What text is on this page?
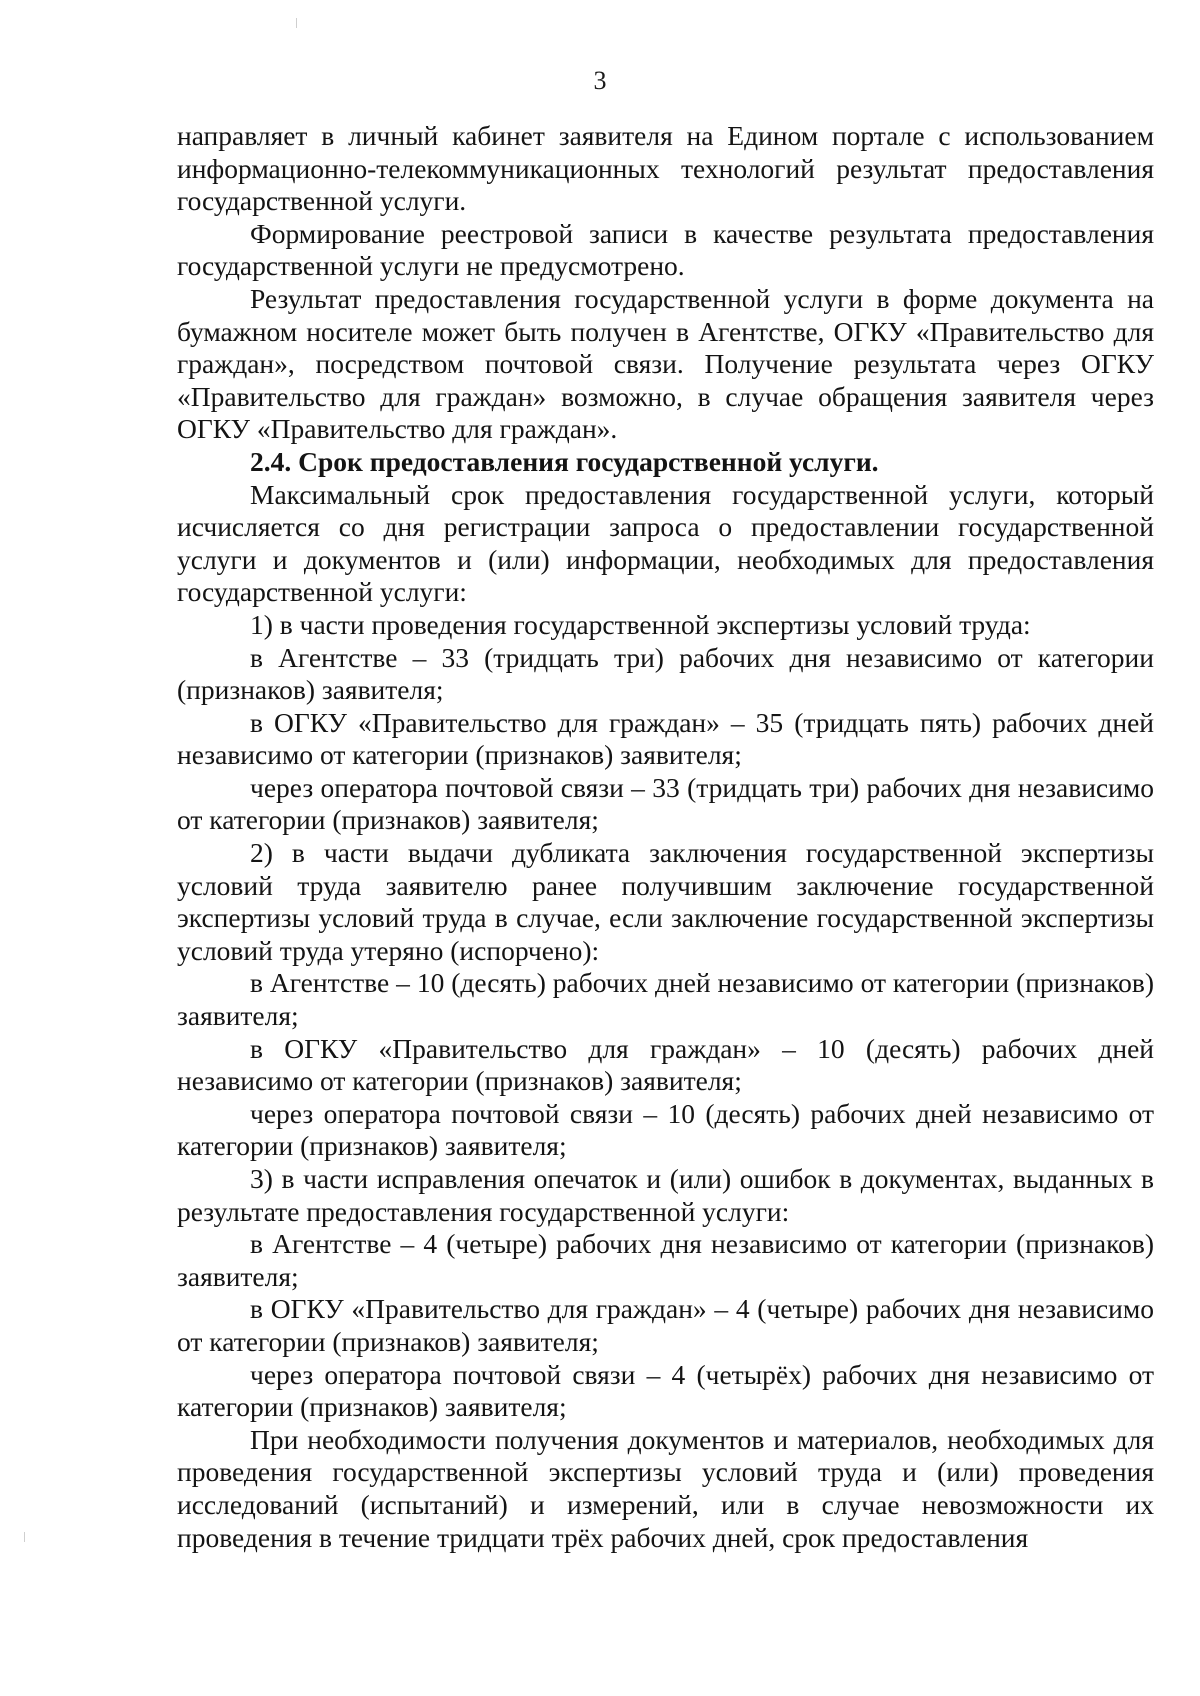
3

направляет в личный кабинет заявителя на Едином портале с использованием информационно-телекоммуникационных технологий результат предоставления государственной услуги.

Формирование реестровой записи в качестве результата предоставления государственной услуги не предусмотрено.

Результат предоставления государственной услуги в форме документа на бумажном носителе может быть получен в Агентстве, ОГКУ «Правительство для граждан», посредством почтовой связи. Получение результата через ОГКУ «Правительство для граждан» возможно, в случае обращения заявителя через ОГКУ «Правительство для граждан».

2.4. Срок предоставления государственной услуги.

Максимальный срок предоставления государственной услуги, который исчисляется со дня регистрации запроса о предоставлении государственной услуги и документов и (или) информации, необходимых для предоставления государственной услуги:

1) в части проведения государственной экспертизы условий труда:

в Агентстве – 33 (тридцать три) рабочих дня независимо от категории (признаков) заявителя;

в ОГКУ «Правительство для граждан» – 35 (тридцать пять) рабочих дней независимо от категории (признаков) заявителя;

через оператора почтовой связи – 33 (тридцать три) рабочих дня независимо от категории (признаков) заявителя;

2) в части выдачи дубликата заключения государственной экспертизы условий труда заявителю ранее получившим заключение государственной экспертизы условий труда в случае, если заключение государственной экспертизы условий труда утеряно (испорчено):

в Агентстве – 10 (десять) рабочих дней независимо от категории (признаков) заявителя;

в ОГКУ «Правительство для граждан» – 10 (десять) рабочих дней независимо от категории (признаков) заявителя;

через оператора почтовой связи – 10 (десять) рабочих дней независимо от категории (признаков) заявителя;

3) в части исправления опечаток и (или) ошибок в документах, выданных в результате предоставления государственной услуги:

в Агентстве – 4 (четыре) рабочих дня независимо от категории (признаков) заявителя;

в ОГКУ «Правительство для граждан» – 4 (четыре) рабочих дня независимо от категории (признаков) заявителя;

через оператора почтовой связи – 4 (четырёх) рабочих дня независимо от категории (признаков) заявителя;

При необходимости получения документов и материалов, необходимых для проведения государственной экспертизы условий труда и (или) проведения исследований (испытаний) и измерений, или в случае невозможности их проведения в течение тридцати трёх рабочих дней, срок предоставления
